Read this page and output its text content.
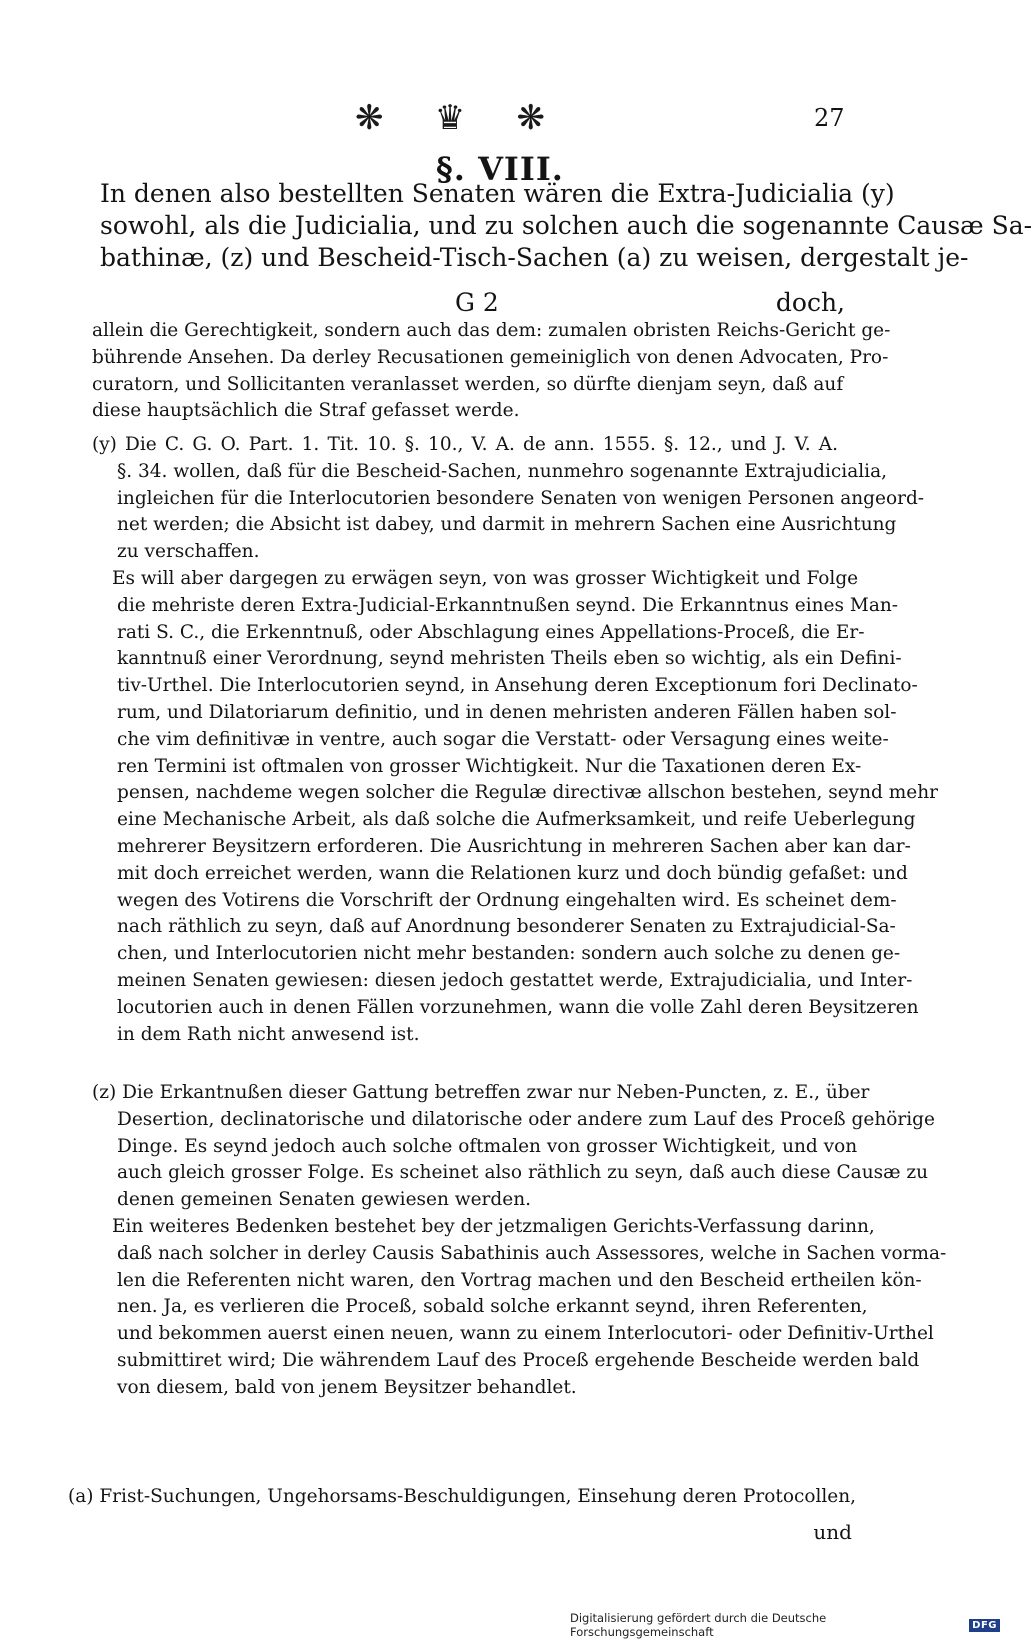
❋ ♛ ❋	27
§. VIII.
In denen also bestellten Senaten wären die Extra-Judicialia (y)
sowohl, als die Judicialia, und zu solchen auch die sogenannte Causæ Sa-
bathinæ, (z) und Bescheid-Tisch-Sachen (a) zu weisen, dergestalt je-
G 2	doch,
allein die Gerechtigkeit, sondern auch das dem: zumalen obristen Reichs-Gericht ge-
bührende Ansehen. Da derley Recusationen gemeiniglich von denen Advocaten, Pro-
curatorn, und Sollicitanten veranlasset werden, so dürfte dienjam seyn, daß auf
diese hauptsächlich die Straf gefasset werde.
(y) Die C. G. O. Part. 1. Tit. 10. §. 10., V. A. de ann. 1555. §. 12., und J. V. A.
§. 34. wollen, daß für die Bescheid-Sachen, nunmehro sogenannte Extrajudicialia,
ingleichen für die Interlocutorien besondere Senaten von wenigen Personen angeord-
net werden; die Absicht ist dabey, und darmit in mehrern Sachen eine Ausrichtung
zu verschaffen.
Es will aber dargegen zu erwägen seyn, von was grosser Wichtigkeit und Folge
die mehriste deren Extra-Judicial-Erkanntnußen seynd. Die Erkanntnus eines Man-
rati S. C., die Erkenntnuß, oder Abschlagung eines Appellations-Proceß, die Er-
kanntnuß einer Verordnung, seynd mehristen Theils eben so wichtig, als ein Defini-
tiv-Urthel. Die Interlocutorien seynd, in Ansehung deren Exceptionum fori Declinato-
rum, und Dilatoriarum definitio, und in denen mehristen anderen Fällen haben sol-
che vim definitivæ in ventre, auch sogar die Verstatt- oder Versagung eines weite-
ren Termini ist oftmalen von grosser Wichtigkeit. Nur die Taxationen deren Ex-
pensen, nachdeme wegen solcher die Regulæ directivæ allschon bestehen, seynd mehr
eine Mechanische Arbeit, als daß solche die Aufmerksamkeit, und reife Ueberlegung
mehrerer Beysitzern erforderen. Die Ausrichtung in mehreren Sachen aber kan dar-
mit doch erreichet werden, wann die Relationen kurz und doch bündig gefaßet: und
wegen des Votirens die Vorschrift der Ordnung eingehalten wird. Es scheinet dem-
nach räthlich zu seyn, daß auf Anordnung besonderer Senaten zu Extrajudicial-Sa-
chen, und Interlocutorien nicht mehr bestanden: sondern auch solche zu denen ge-
meinen Senaten gewiesen: diesen jedoch gestattet werde, Extrajudicialia, und Inter-
locutorien auch in denen Fällen vorzunehmen, wann die volle Zahl deren Beysitzeren
in dem Rath nicht anwesend ist.
(z) Die Erkantnußen dieser Gattung betreffen zwar nur Neben-Puncten, z. E., über
Desertion, declinatorische und dilatorische oder andere zum Lauf des Proceß gehörige
Dinge. Es seynd jedoch auch solche oftmalen von grosser Wichtigkeit, und von
auch gleich grosser Folge. Es scheinet also räthlich zu seyn, daß auch diese Causæ zu
denen gemeinen Senaten gewiesen werden.
Ein weiteres Bedenken bestehet bey der jetzmaligen Gerichts-Verfassung darinn,
daß nach solcher in derley Causis Sabathinis auch Assessores, welche in Sachen vorma-
len die Referenten nicht waren, den Vortrag machen und den Bescheid ertheilen kön-
nen. Ja, es verlieren die Proceß, sobald solche erkannt seynd, ihren Referenten,
und bekommen auerst einen neuen, wann zu einem Interlocutori- oder Definitiv-Urthel
submittiret wird; Die währendem Lauf des Proceß ergehende Bescheide werden bald
von diesem, bald von jenem Beysitzer behandlet.
(a) Frist-Suchungen, Ungehorsams-Beschuldigungen, Einsehung deren Protocollen,
und
Digitalisierung gefördert durch die Deutsche Forschungsgemeinschaft	DFG
